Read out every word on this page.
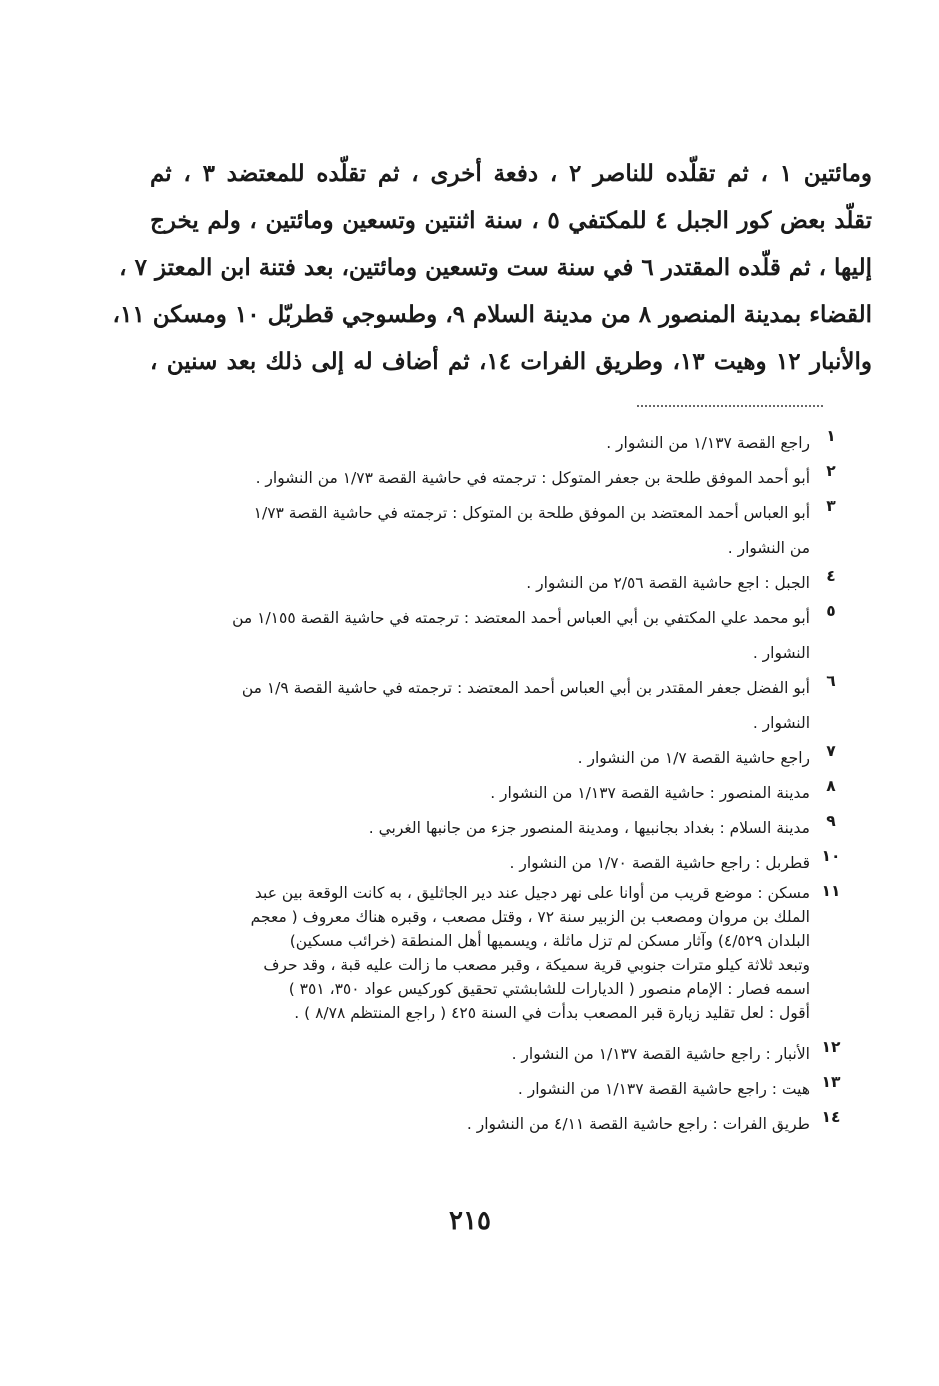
ومائتين ١ ، ثم تقلّده للناصر ٢ ، دفعة أخرى ، ثم تقلّده للمعتضد ٣ ، ثم
تقلّد بعض كور الجبل ٤ للمكتفي ٥ ، سنة اثنتين وتسعين ومائتين ، ولم يخرج
إليها ، ثم قلّده المقتدر ٦ في سنة ست وتسعين ومائتين، بعد فتنة ابن المعتز ٧ ،
القضاء بمدينة المنصور ٨ من مدينة السلام ٩، وطسوجي قطربّل ١٠ ومسكن ١١،
والأنبار ١٢ وهيت ١٣، وطريق الفرات ١٤، ثم أضاف له إلى ذلك بعد سنين ،
١
راجع القصة ١/١٣٧ من النشوار .
٢
أبو أحمد الموفق طلحة بن جعفر المتوكل : ترجمته في حاشية القصة ١/٧٣ من النشوار .
٣
أبو العباس أحمد المعتضد بن الموفق طلحة بن المتوكل : ترجمته في حاشية القصة ١/٧٣
من النشوار .
٤
الجبل : اجع حاشية القصة ٢/٥٦ من النشوار .
٥
أبو محمد علي المكتفي بن أبي العباس أحمد المعتضد : ترجمته في حاشية القصة ١/١٥٥ من
النشوار .
٦
أبو الفضل جعفر المقتدر بن أبي العباس أحمد المعتضد : ترجمته في حاشية القصة ١/٩ من
النشوار .
٧
راجع حاشية القصة ١/٧ من النشوار .
٨
مدينة المنصور : حاشية القصة ١/١٣٧ من النشوار .
٩
مدينة السلام : بغداد بجانبيها ، ومدينة المنصور جزء من جانبها الغربي .
١٠
قطربل : راجع حاشية القصة ١/٧٠ من النشوار .
١١
مسكن : موضع قريب من أوانا على نهر دجيل عند دير الجاثليق ، به كانت الوقعة بين عبد
الملك بن مروان ومصعب بن الزبير سنة ٧٢ ، وقتل مصعب ، وقبره هناك معروف ( معجم
البلدان ٤/٥٢٩) وآثار مسكن لم تزل ماثلة ، ويسميها أهل المنطقة (خرائب مسكين)
وتبعد ثلاثة كيلو مترات جنوبي قرية سميكة ، وقبر مصعب ما زالت عليه قبة ، وقد حرف
اسمه فصار : الإمام منصور ( الديارات للشابشتي تحقيق كوركيس عواد ٣٥٠، ٣٥١ )
أقول : لعل تقليد زيارة قبر المصعب بدأت في السنة ٤٢٥ ( راجع المنتظم ٨/٧٨ ) .
١٢
الأنبار : راجع حاشية القصة ١/١٣٧ من النشوار .
١٣
هيت : راجع حاشية القصة ١/١٣٧ من النشوار .
١٤
طريق الفرات : راجع حاشية القصة ٤/١١ من النشوار .
٢١٥
